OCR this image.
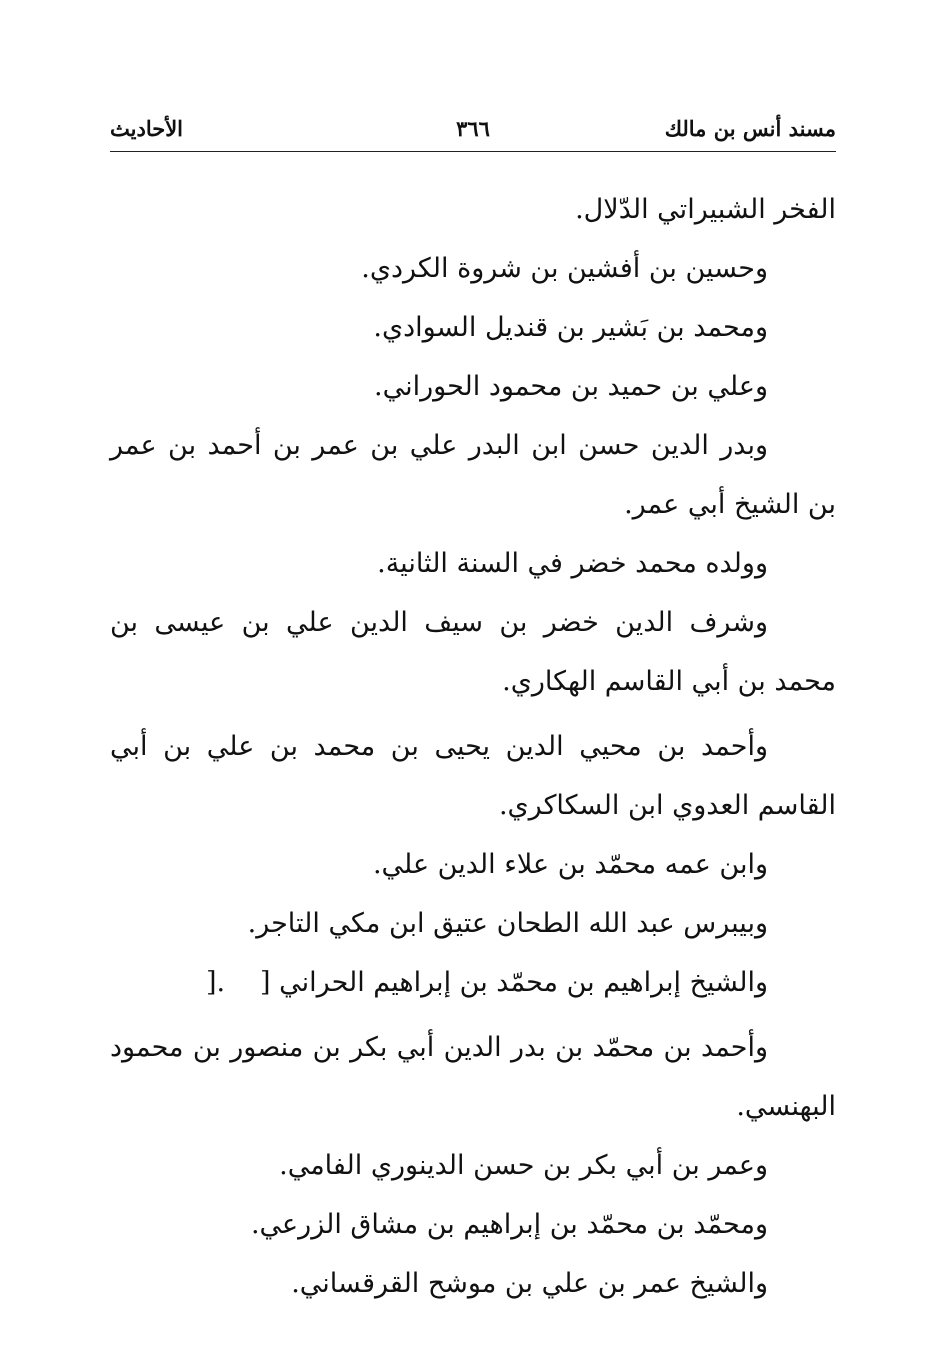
مسند أنس بن مالك
٣٦٦
الأحاديث

الفخر الشبيراتي الدّلال.

وحسين بن أفشين بن شروة الكردي.

ومحمد بن بَشير بن قنديل السوادي.

وعلي بن حميد بن محمود الحوراني.

وبدر الدين حسن ابن البدر علي بن عمر بن أحمد بن عمر بن الشيخ أبي عمر.

وولده محمد خضر في السنة الثانية.

وشرف الدين خضر بن سيف الدين علي بن عيسى بن محمد بن أبي القاسم الهكاري.

وأحمد بن محيي الدين يحيى بن محمد بن علي بن أبي القاسم العدوي ابن السكاكري.

وابن عمه محمّد بن علاء الدين علي.

وبيبرس عبد الله الطحان عتيق ابن مكي التاجر.

والشيخ إبراهيم بن محمّد بن إبراهيم الحراني [
].

وأحمد بن محمّد بن بدر الدين أبي بكر بن منصور بن محمود البهنسي.

وعمر بن أبي بكر بن حسن الدينوري الفامي.

ومحمّد بن محمّد بن إبراهيم بن مشاق الزرعي.

والشيخ عمر بن علي بن موشح القرقساني.
